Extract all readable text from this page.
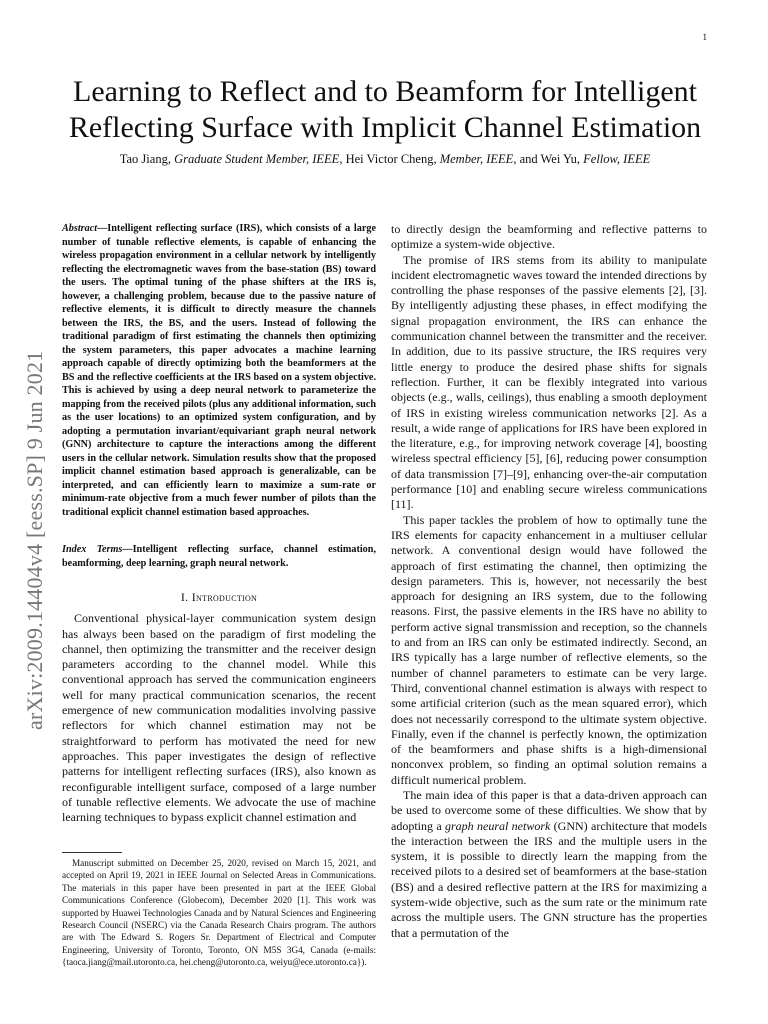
1
arXiv:2009.14404v4 [eess.SP] 9 Jun 2021
Learning to Reflect and to Beamform for Intelligent
Reflecting Surface with Implicit Channel Estimation
Tao Jiang, Graduate Student Member, IEEE, Hei Victor Cheng, Member, IEEE, and Wei Yu, Fellow, IEEE

Abstract—Intelligent reflecting surface (IRS), which consists of a large number of tunable reflective elements, is capable of enhancing the wireless propagation environment in a cellular network by intelligently reflecting the electromagnetic waves from the base-station (BS) toward the users. The optimal tuning of the phase shifters at the IRS is, however, a challenging problem, because due to the passive nature of reflective elements, it is difficult to directly measure the channels between the IRS, the BS, and the users. Instead of following the traditional paradigm of first estimating the channels then optimizing the system parameters, this paper advocates a machine learning approach capable of directly optimizing both the beamformers at the BS and the reflective coefficients at the IRS based on a system objective. This is achieved by using a deep neural network to parameterize the mapping from the received pilots (plus any additional information, such as the user locations) to an optimized system configuration, and by adopting a permutation invariant/equivariant graph neural network (GNN) architecture to capture the interactions among the different users in the cellular network. Simulation results show that the proposed implicit channel estimation based approach is generalizable, can be interpreted, and can efficiently learn to maximize a sum-rate or minimum-rate objective from a much fewer number of pilots than the traditional explicit channel estimation based approaches.

Index Terms—Intelligent reflecting surface, channel estimation, beamforming, deep learning, graph neural network.

I. Introduction

Conventional physical-layer communication system design has always been based on the paradigm of first modeling the channel, then optimizing the transmitter and the receiver design parameters according to the channel model. While this conventional approach has served the communication engineers well for many practical communication scenarios, the recent emergence of new communication modalities involving passive reflectors for which channel estimation may not be straightforward to perform has motivated the need for new approaches. This paper investigates the design of reflective patterns for intelligent reflecting surfaces (IRS), also known as reconfigurable intelligent surface, composed of a large number of tunable reflective elements. We advocate the use of machine learning techniques to bypass explicit channel estimation and

Manuscript submitted on December 25, 2020, revised on March 15, 2021, and accepted on April 19, 2021 in IEEE Journal on Selected Areas in Communications. The materials in this paper have been presented in part at the IEEE Global Communications Conference (Globecom), December 2020 [1]. This work was supported by Huawei Technologies Canada and by Natural Sciences and Engineering Research Council (NSERC) via the Canada Research Chairs program. The authors are with The Edward S. Rogers Sr. Department of Electrical and Computer Engineering, University of Toronto, Toronto, ON M5S 3G4, Canada (e-mails: {taoca.jiang@mail.utoronto.ca, hei.cheng@utoronto.ca, weiyu@ece.utoronto.ca}).

to directly design the beamforming and reflective patterns to optimize a system-wide objective.

The promise of IRS stems from its ability to manipulate incident electromagnetic waves toward the intended directions by controlling the phase responses of the passive elements [2], [3]. By intelligently adjusting these phases, in effect modifying the signal propagation environment, the IRS can enhance the communication channel between the transmitter and the receiver. In addition, due to its passive structure, the IRS requires very little energy to produce the desired phase shifts for signals reflection. Further, it can be flexibly integrated into various objects (e.g., walls, ceilings), thus enabling a smooth deployment of IRS in existing wireless communication networks [2]. As a result, a wide range of applications for IRS have been explored in the literature, e.g., for improving network coverage [4], boosting wireless spectral efficiency [5], [6], reducing power consumption of data transmission [7]–[9], enhancing over-the-air computation performance [10] and enabling secure wireless communications [11].

This paper tackles the problem of how to optimally tune the IRS elements for capacity enhancement in a multiuser cellular network. A conventional design would have followed the approach of first estimating the channel, then optimizing the design parameters. This is, however, not necessarily the best approach for designing an IRS system, due to the following reasons. First, the passive elements in the IRS have no ability to perform active signal transmission and reception, so the channels to and from an IRS can only be estimated indirectly. Second, an IRS typically has a large number of reflective elements, so the number of channel parameters to estimate can be very large. Third, conventional channel estimation is always with respect to some artificial criterion (such as the mean squared error), which does not necessarily correspond to the ultimate system objective. Finally, even if the channel is perfectly known, the optimization of the beamformers and phase shifts is a high-dimensional nonconvex problem, so finding an optimal solution remains a difficult numerical problem.

The main idea of this paper is that a data-driven approach can be used to overcome some of these difficulties. We show that by adopting a graph neural network (GNN) architecture that models the interaction between the IRS and the multiple users in the system, it is possible to directly learn the mapping from the received pilots to a desired set of beamformers at the base-station (BS) and a desired reflective pattern at the IRS for maximizing a system-wide objective, such as the sum rate or the minimum rate across the multiple users. The GNN structure has the properties that a permutation of the
